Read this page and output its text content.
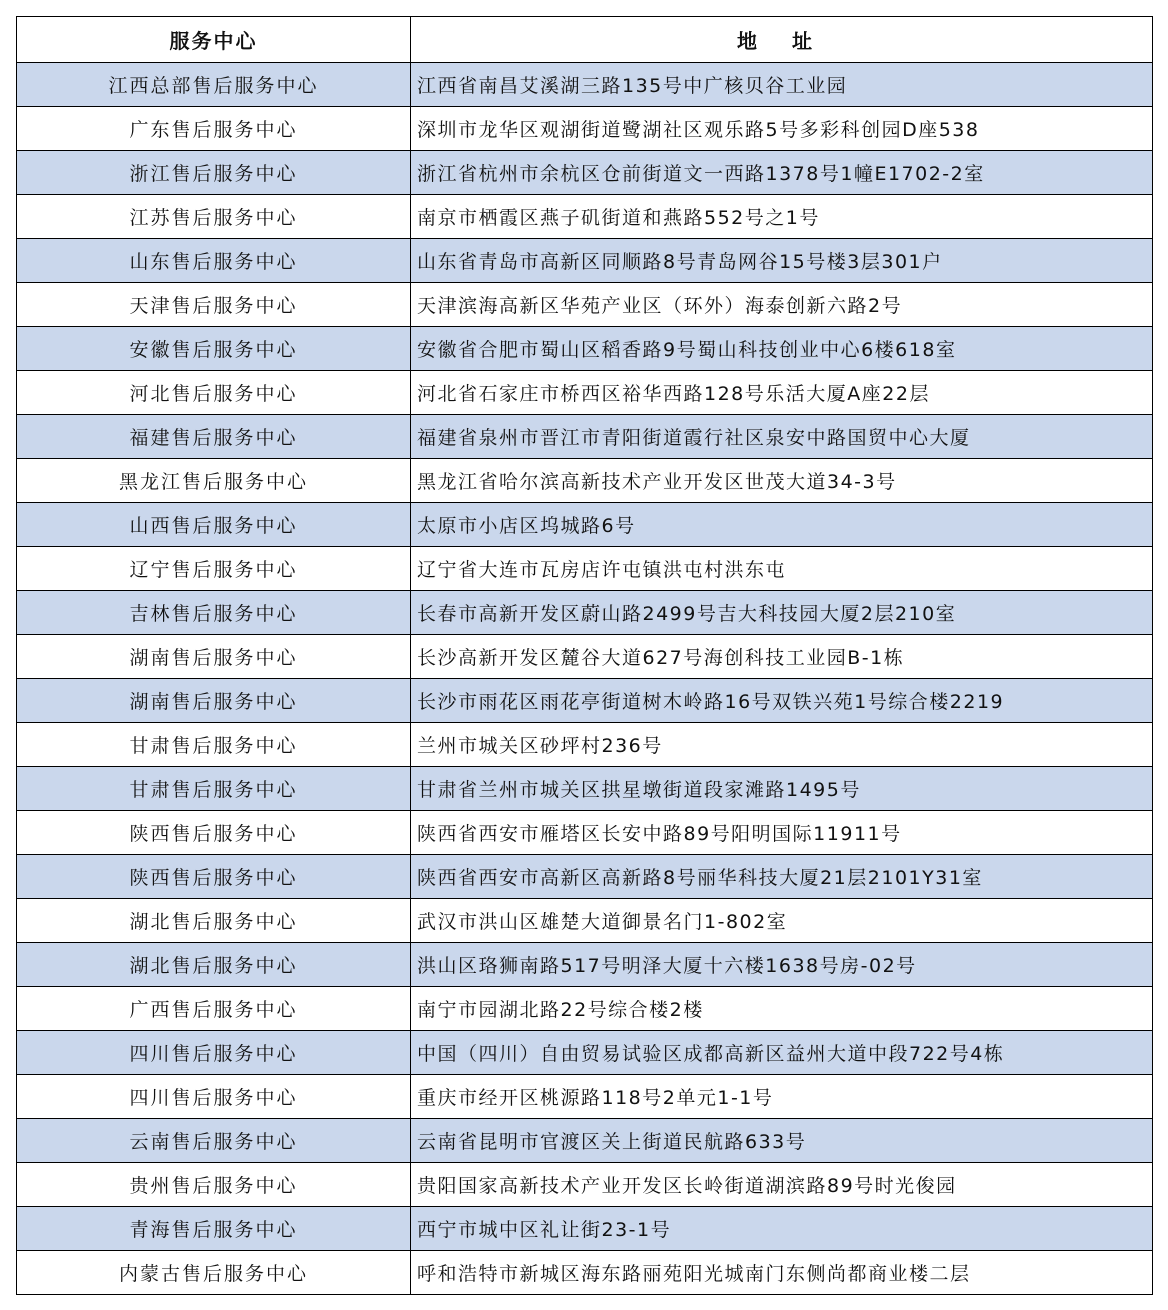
服务中心	地 址
江西总部售后服务中心	江西省南昌艾溪湖三路135号中广核贝谷工业园
广东售后服务中心	深圳市龙华区观湖街道鹭湖社区观乐路5号多彩科创园D座538
浙江售后服务中心	浙江省杭州市余杭区仓前街道文一西路1378号1幢E1702-2室
江苏售后服务中心	南京市栖霞区燕子矶街道和燕路552号之1号
山东售后服务中心	山东省青岛市高新区同顺路8号青岛网谷15号楼3层301户
天津售后服务中心	天津滨海高新区华苑产业区（环外）海泰创新六路2号
安徽售后服务中心	安徽省合肥市蜀山区稻香路9号蜀山科技创业中心6楼618室
河北售后服务中心	河北省石家庄市桥西区裕华西路128号乐活大厦A座22层
福建售后服务中心	福建省泉州市晋江市青阳街道霞行社区泉安中路国贸中心大厦
黑龙江售后服务中心	黑龙江省哈尔滨高新技术产业开发区世茂大道34-3号
山西售后服务中心	太原市小店区坞城路6号
辽宁售后服务中心	辽宁省大连市瓦房店许屯镇洪屯村洪东屯
吉林售后服务中心	长春市高新开发区蔚山路2499号吉大科技园大厦2层210室
湖南售后服务中心	长沙高新开发区麓谷大道627号海创科技工业园B-1栋
湖南售后服务中心	长沙市雨花区雨花亭街道树木岭路16号双铁兴苑1号综合楼2219
甘肃售后服务中心	兰州市城关区砂坪村236号
甘肃售后服务中心	甘肃省兰州市城关区拱星墩街道段家滩路1495号
陕西售后服务中心	陕西省西安市雁塔区长安中路89号阳明国际11911号
陕西售后服务中心	陕西省西安市高新区高新路8号丽华科技大厦21层2101Y31室
湖北售后服务中心	武汉市洪山区雄楚大道御景名门1-802室
湖北售后服务中心	洪山区珞狮南路517号明泽大厦十六楼1638号房-02号
广西售后服务中心	南宁市园湖北路22号综合楼2楼
四川售后服务中心	中国（四川）自由贸易试验区成都高新区益州大道中段722号4栋
四川售后服务中心	重庆市经开区桃源路118号2单元1-1号
云南售后服务中心	云南省昆明市官渡区关上街道民航路633号
贵州售后服务中心	贵阳国家高新技术产业开发区长岭街道湖滨路89号时光俊园
青海售后服务中心	西宁市城中区礼让街23-1号
内蒙古售后服务中心	呼和浩特市新城区海东路丽苑阳光城南门东侧尚都商业楼二层
